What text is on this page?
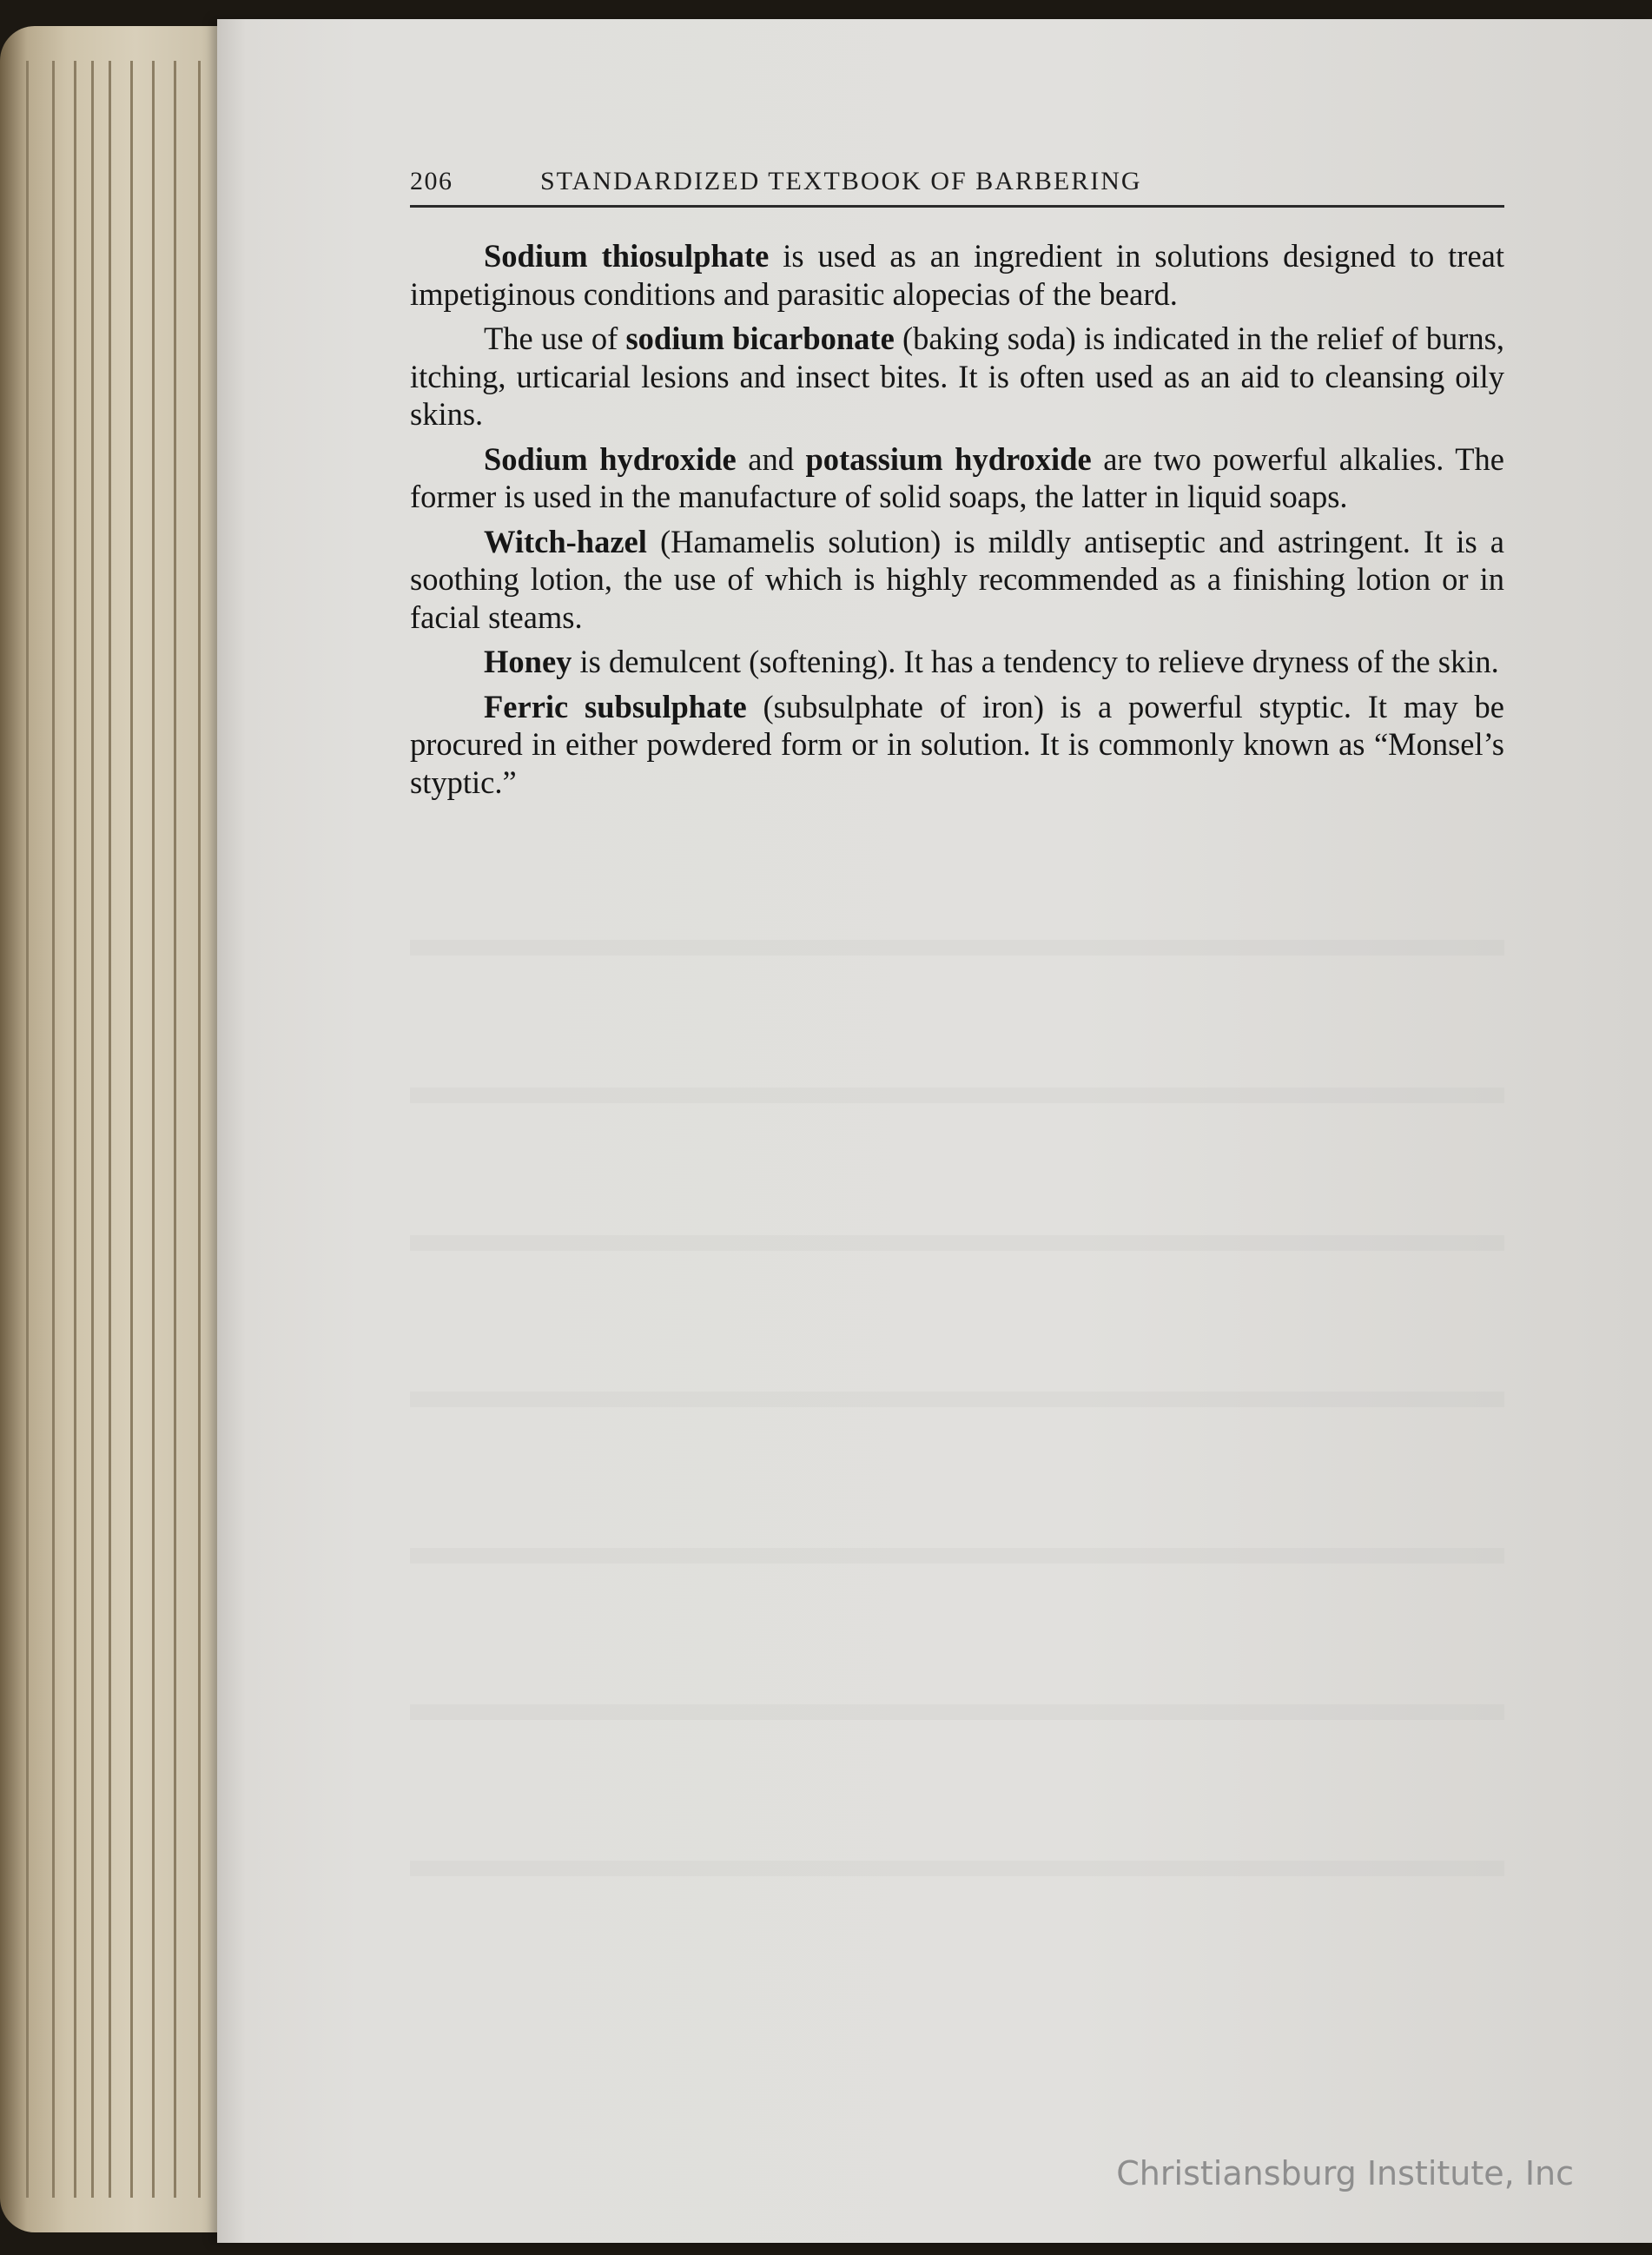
206	STANDARDIZED TEXTBOOK OF BARBERING

Sodium thiosulphate is used as an ingredient in solutions designed to treat impetiginous conditions and parasitic alopecias of the beard.

The use of sodium bicarbonate (baking soda) is indicated in the relief of burns, itching, urticarial lesions and insect bites. It is often used as an aid to cleansing oily skins.

Sodium hydroxide and potassium hydroxide are two powerful alkalies. The former is used in the manufacture of solid soaps, the latter in liquid soaps.

Witch-hazel (Hamamelis solution) is mildly antiseptic and astringent. It is a soothing lotion, the use of which is highly recommended as a finishing lotion or in facial steams.

Honey is demulcent (softening). It has a tendency to relieve dryness of the skin.

Ferric subsulphate (subsulphate of iron) is a powerful styptic. It may be procured in either powdered form or in solution. It is commonly known as “Monsel’s styptic.”

Christiansburg Institute, Inc
